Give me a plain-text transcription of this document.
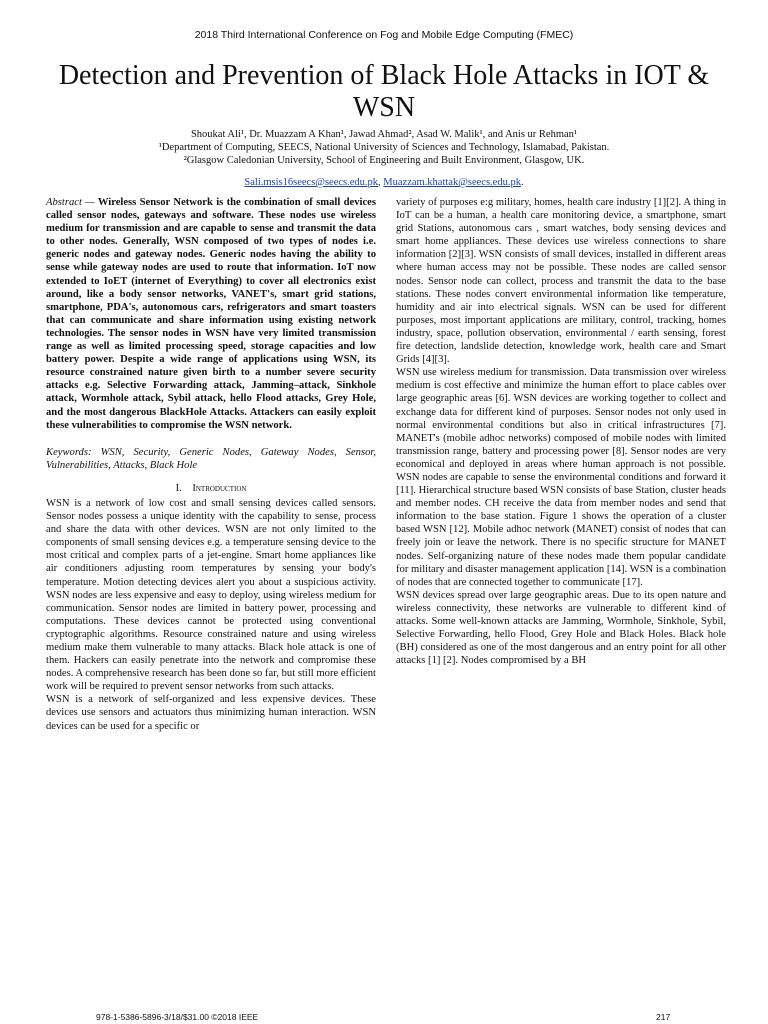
2018 Third International Conference on Fog and Mobile Edge Computing (FMEC)
Detection and Prevention of Black Hole Attacks in IOT & WSN
Shoukat Ali¹, Dr. Muazzam A Khan¹, Jawad Ahmad², Asad W. Malik¹, and Anis ur Rehman¹
¹Department of Computing, SEECS, National University of Sciences and Technology, Islamabad, Pakistan.
²Glasgow Caledonian University, School of Engineering and Built Environment, Glasgow, UK.
Sali.msis16seecs@seecs.edu.pk, Muazzam.khattak@seecs.edu.pk.

Abstract — Wireless Sensor Network is the combination of small devices called sensor nodes, gateways and software. These nodes use wireless medium for transmission and are capable to sense and transmit the data to other nodes. Generally, WSN composed of two types of nodes i.e. generic nodes and gateway nodes. Generic nodes having the ability to sense while gateway nodes are used to route that information. IoT now extended to IoET (internet of Everything) to cover all electronics exist around, like a body sensor networks, VANET's, smart grid stations, smartphone, PDA's, autonomous cars, refrigerators and smart toasters that can communicate and share information using existing network technologies. The sensor nodes in WSN have very limited transmission range as well as limited processing speed, storage capacities and low battery power. Despite a wide range of applications using WSN, its resource constrained nature given birth to a number severe security attacks e.g. Selective Forwarding attack, Jamming–attack, Sinkhole attack, Wormhole attack, Sybil attack, hello Flood attacks, Grey Hole, and the most dangerous BlackHole Attacks. Attackers can easily exploit these vulnerabilities to compromise the WSN network.

Keywords: WSN, Security, Generic Nodes, Gateway Nodes, Sensor, Vulnerabilities, Attacks, Black Hole

I. Introduction

WSN is a network of low cost and small sensing devices called sensors. Sensor nodes possess a unique identity with the capability to sense, process and share the data with other devices. WSN are not only limited to the components of small sensing devices e.g. a temperature sensing device to the most critical and complex parts of a jet-engine. Smart home appliances like air conditioners adjusting room temperatures by sensing your body's temperature. Motion detecting devices alert you about a suspicious activity. WSN nodes are less expensive and easy to deploy, using wireless medium for communication. Sensor nodes are limited in battery power, processing and computations. These devices cannot be protected using conventional cryptographic algorithms. Resource constrained nature and using wireless medium make them vulnerable to many attacks. Black hole attack is one of them. Hackers can easily penetrate into the network and compromise these nodes. A comprehensive research has been done so far, but still more efficient work will be required to prevent sensor networks from such attacks.

WSN is a network of self-organized and less expensive devices. These devices use sensors and actuators thus minimizing human interaction. WSN devices can be used for a specific or

variety of purposes e:g military, homes, health care industry [1][2]. A thing in IoT can be a human, a health care monitoring device, a smartphone, smart grid Stations, autonomous cars , smart watches, body sensing devices and smart home appliances. These devices use wireless connections to share information [2][3]. WSN consists of small devices, installed in different areas where human access may not be possible. These nodes are called sensor nodes. Sensor node can collect, process and transmit the data to the base stations. These nodes convert environmental information like temperature, humidity and air into electrical signals. WSN can be used for different purposes, most important applications are military, control, tracking, homes industry, space, pollution observation, environmental / earth sensing, forest fire detection, landslide detection, knowledge work, health care and Smart Grids [4][3].

WSN use wireless medium for transmission. Data transmission over wireless medium is cost effective and minimize the human effort to place cables over large geographic areas [6]. WSN devices are working together to collect and exchange data for different kind of purposes. Sensor nodes not only used in normal environmental conditions but also in critical infrastructures [7]. MANET's (mobile adhoc networks) composed of mobile nodes with limited transmission range, battery and processing power [8]. Sensor nodes are very economical and deployed in areas where human approach is not possible. WSN nodes are capable to sense the environmental conditions and forward it [11]. Hierarchical structure based WSN consists of base Station, cluster heads and member nodes. CH receive the data from member nodes and send that information to the base station. Figure 1 shows the operation of a cluster based WSN [12]. Mobile adhoc network (MANET) consist of nodes that can freely join or leave the network. There is no specific structure for MANET nodes. Self-organizing nature of these nodes made them popular candidate for military and disaster management application [14]. WSN is a combination of nodes that are connected together to communicate [17].

WSN devices spread over large geographic areas. Due to its open nature and wireless connectivity, these networks are vulnerable to different kind of attacks. Some well-known attacks are Jamming, Wormhole, Sinkhole, Sybil, Selective Forwarding, hello Flood, Grey Hole and Black Holes. Black hole (BH) considered as one of the most dangerous and an entry point for all other attacks [1] [2]. Nodes compromised by a BH

978-1-5386-5896-3/18/$31.00 ©2018 IEEE	217
